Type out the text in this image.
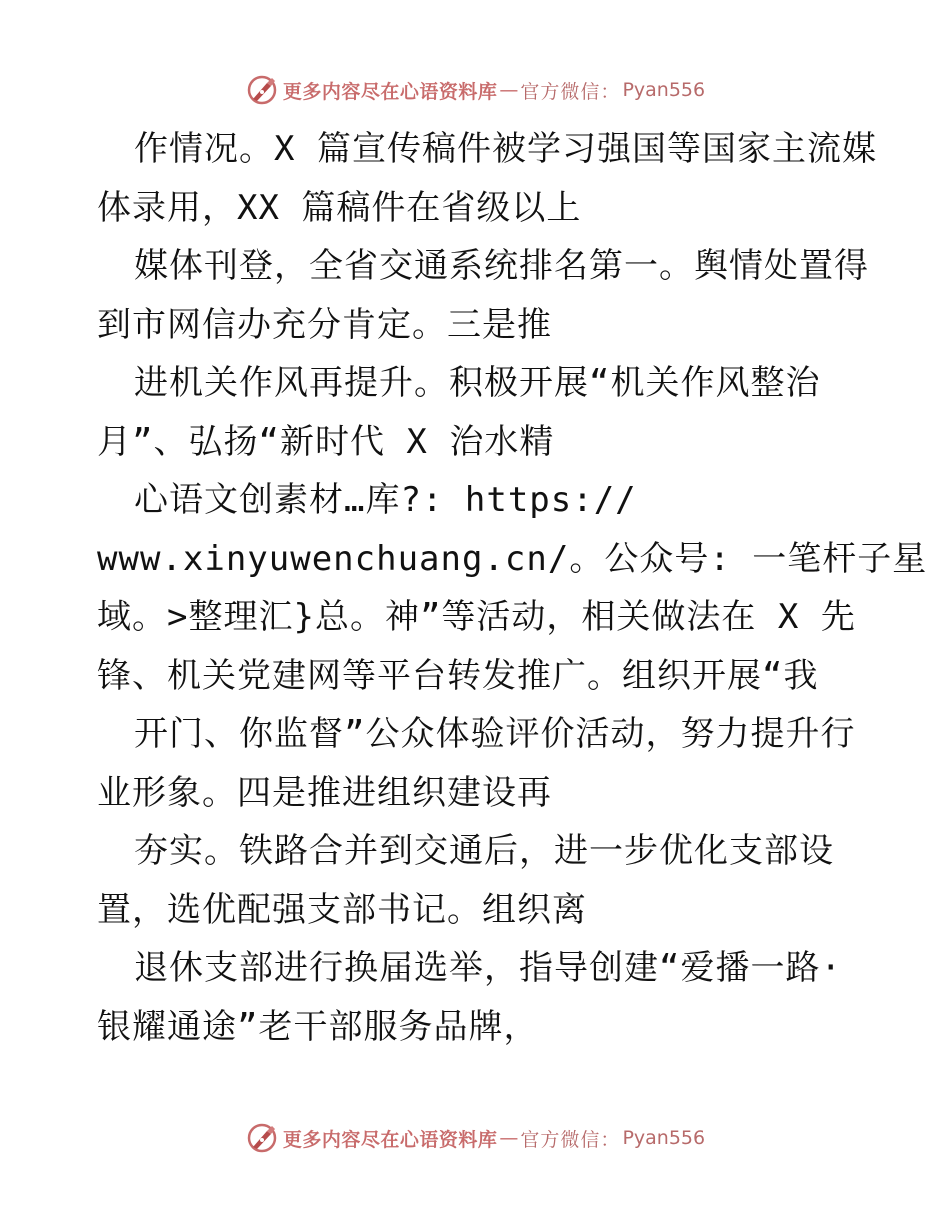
更多内容尽在心语资料库 — 官方微信： Pyan556
作情况。X 篇宣传稿件被学习强国等国家主流媒
体录用，XX 篇稿件在省级以上
媒体刊登，全省交通系统排名第一。舆情处置得
到市网信办充分肯定。三是推
进机关作风再提升。积极开展“机关作风整治
月”、弘扬“新时代 X 治水精
心语文创素材…库?: https://
www.xinyuwenchuang.cn/。公众号: 一笔杆子星
域。>整理汇}总。神”等活动，相关做法在 X 先
锋、机关党建网等平台转发推广。组织开展“我
开门、你监督”公众体验评价活动，努力提升行
业形象。四是推进组织建设再
夯实。铁路合并到交通后，进一步优化支部设
置，选优配强支部书记。组织离
退休支部进行换届选举，指导创建“爱播一路·
银耀通途”老干部服务品牌，
更多内容尽在心语资料库 — 官方微信： Pyan556
